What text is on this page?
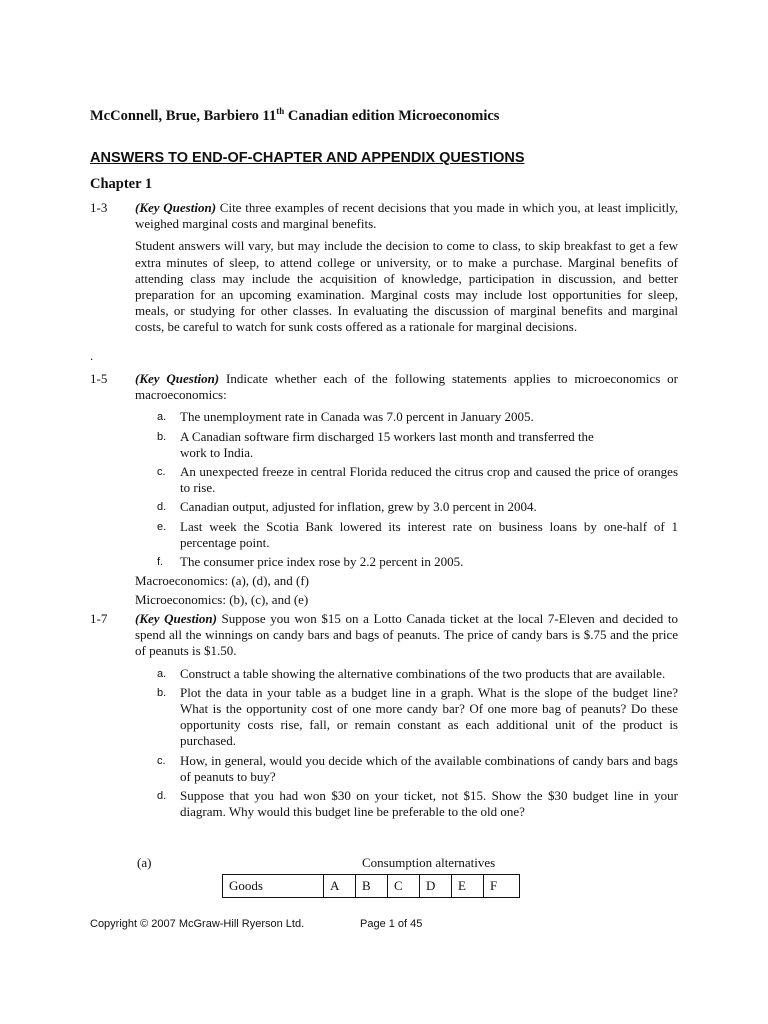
McConnell, Brue, Barbiero 11th Canadian edition Microeconomics
ANSWERS TO END-OF-CHAPTER AND APPENDIX QUESTIONS
Chapter 1
1-3 (Key Question) Cite three examples of recent decisions that you made in which you, at least implicitly, weighed marginal costs and marginal benefits.
Student answers will vary, but may include the decision to come to class, to skip breakfast to get a few extra minutes of sleep, to attend college or university, or to make a purchase. Marginal benefits of attending class may include the acquisition of knowledge, participation in discussion, and better preparation for an upcoming examination. Marginal costs may include lost opportunities for sleep, meals, or studying for other classes. In evaluating the discussion of marginal benefits and marginal costs, be careful to watch for sunk costs offered as a rationale for marginal decisions.
.
1-5 (Key Question) Indicate whether each of the following statements applies to microeconomics or macroeconomics:
a. The unemployment rate in Canada was 7.0 percent in January 2005.
b. A Canadian software firm discharged 15 workers last month and transferred the
work to India.
c. An unexpected freeze in central Florida reduced the citrus crop and caused the price of oranges to rise.
d. Canadian output, adjusted for inflation, grew by 3.0 percent in 2004.
e. Last week the Scotia Bank lowered its interest rate on business loans by one-half of 1 percentage point.
f. The consumer price index rose by 2.2 percent in 2005.
Macroeconomics: (a), (d), and (f)
Microeconomics: (b), (c), and (e)
1-7 (Key Question) Suppose you won $15 on a Lotto Canada ticket at the local 7-Eleven and decided to spend all the winnings on candy bars and bags of peanuts. The price of candy bars is $.75 and the price of peanuts is $1.50.
a. Construct a table showing the alternative combinations of the two products that are available.
b. Plot the data in your table as a budget line in a graph. What is the slope of the budget line? What is the opportunity cost of one more candy bar? Of one more bag of peanuts? Do these opportunity costs rise, fall, or remain constant as each additional unit of the product is purchased.
c. How, in general, would you decide which of the available combinations of candy bars and bags of peanuts to buy?
d. Suppose that you had won $30 on your ticket, not $15. Show the $30 budget line in your diagram. Why would this budget line be preferable to the old one?
(a)	Consumption alternatives
Goods	A	B	C	D	E	F
Copyright © 2007 McGraw-Hill Ryerson Ltd.	Page 1 of 45
